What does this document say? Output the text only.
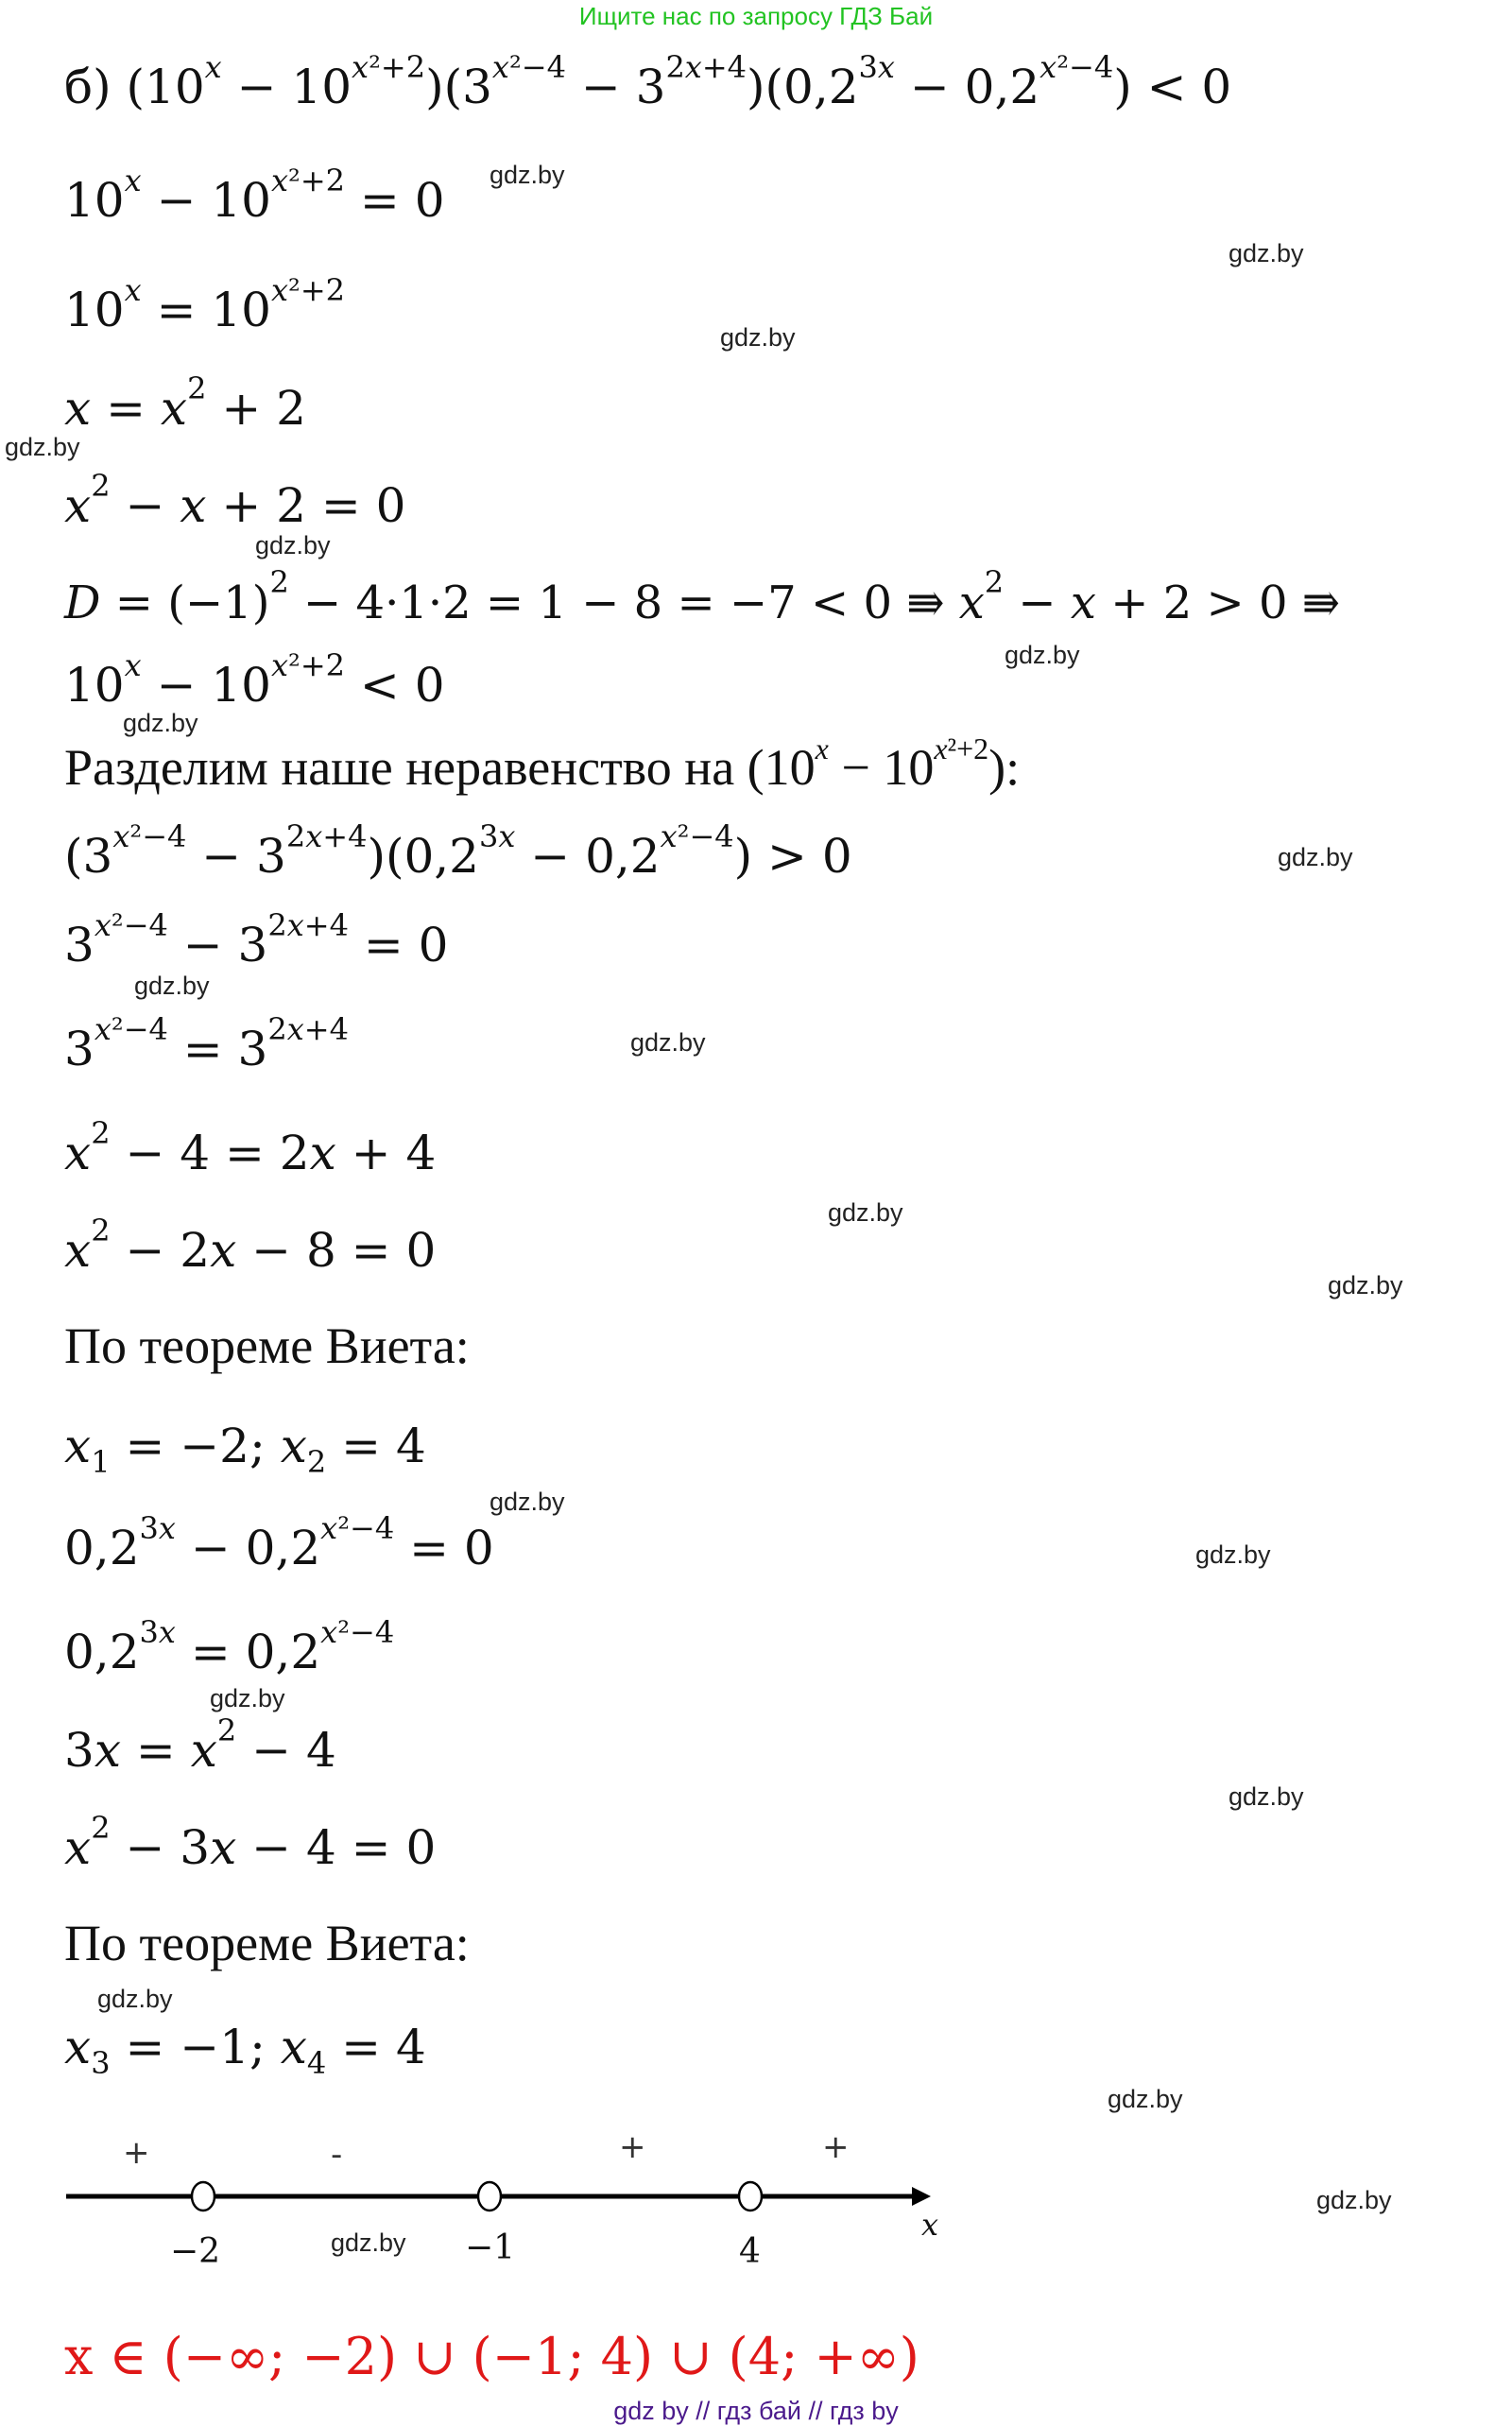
Ищите нас по запросу ГДЗ Бай
б) $(10^x - 10^{x^2+2})(3^{x^2-4} - 3^{2x+4})(0,2^{3x} - 0,2^{x^2-4}) < 0$
$10^x - 10^{x^2+2} = 0$
$10^x = 10^{x^2+2}$
$x = x^2 + 2$
$x^2 - x + 2 = 0$
$D = (-1)^2 - 4\cdot 1\cdot 2 = 1 - 8 = -7 < 0$ ⇛ $x^2 - x + 2 > 0$ ⇛
$10^x - 10^{x^2+2} < 0$
Разделим наше неравенство на $(10^x - 10^{x^2+2})$:
$(3^{x^2-4} - 3^{2x+4})(0,2^{3x} - 0,2^{x^2-4}) > 0$
$3^{x^2-4} - 3^{2x+4} = 0$
$3^{x^2-4} = 3^{2x+4}$
$x^2 - 4 = 2x + 4$
$x^2 - 2x - 8 = 0$
По теореме Виета:
$x_1 = -2$; $x_2 = 4$
$0,2^{3x} - 0,2^{x^2-4} = 0$
$0,2^{3x} = 0,2^{x^2-4}$
$3x = x^2 - 4$
$x^2 - 3x - 4 = 0$
По теореме Виета:
$x_3 = -1$; $x_4 = 4$
+	-	+	+
x
−2	−1	4
x ∈ (−∞; −2) ∪ (−1; 4) ∪ (4; +∞)
gdz.by
gdz.by
gdz.by
gdz.by
gdz.by
gdz.by
gdz.by
gdz.by
gdz.by
gdz.by
gdz.by
gdz.by
gdz.by
gdz.by
gdz.by
gdz.by
gdz.by
gdz.by
gdz.by
gdz.by
gdz by // гдз бай // гдз by
